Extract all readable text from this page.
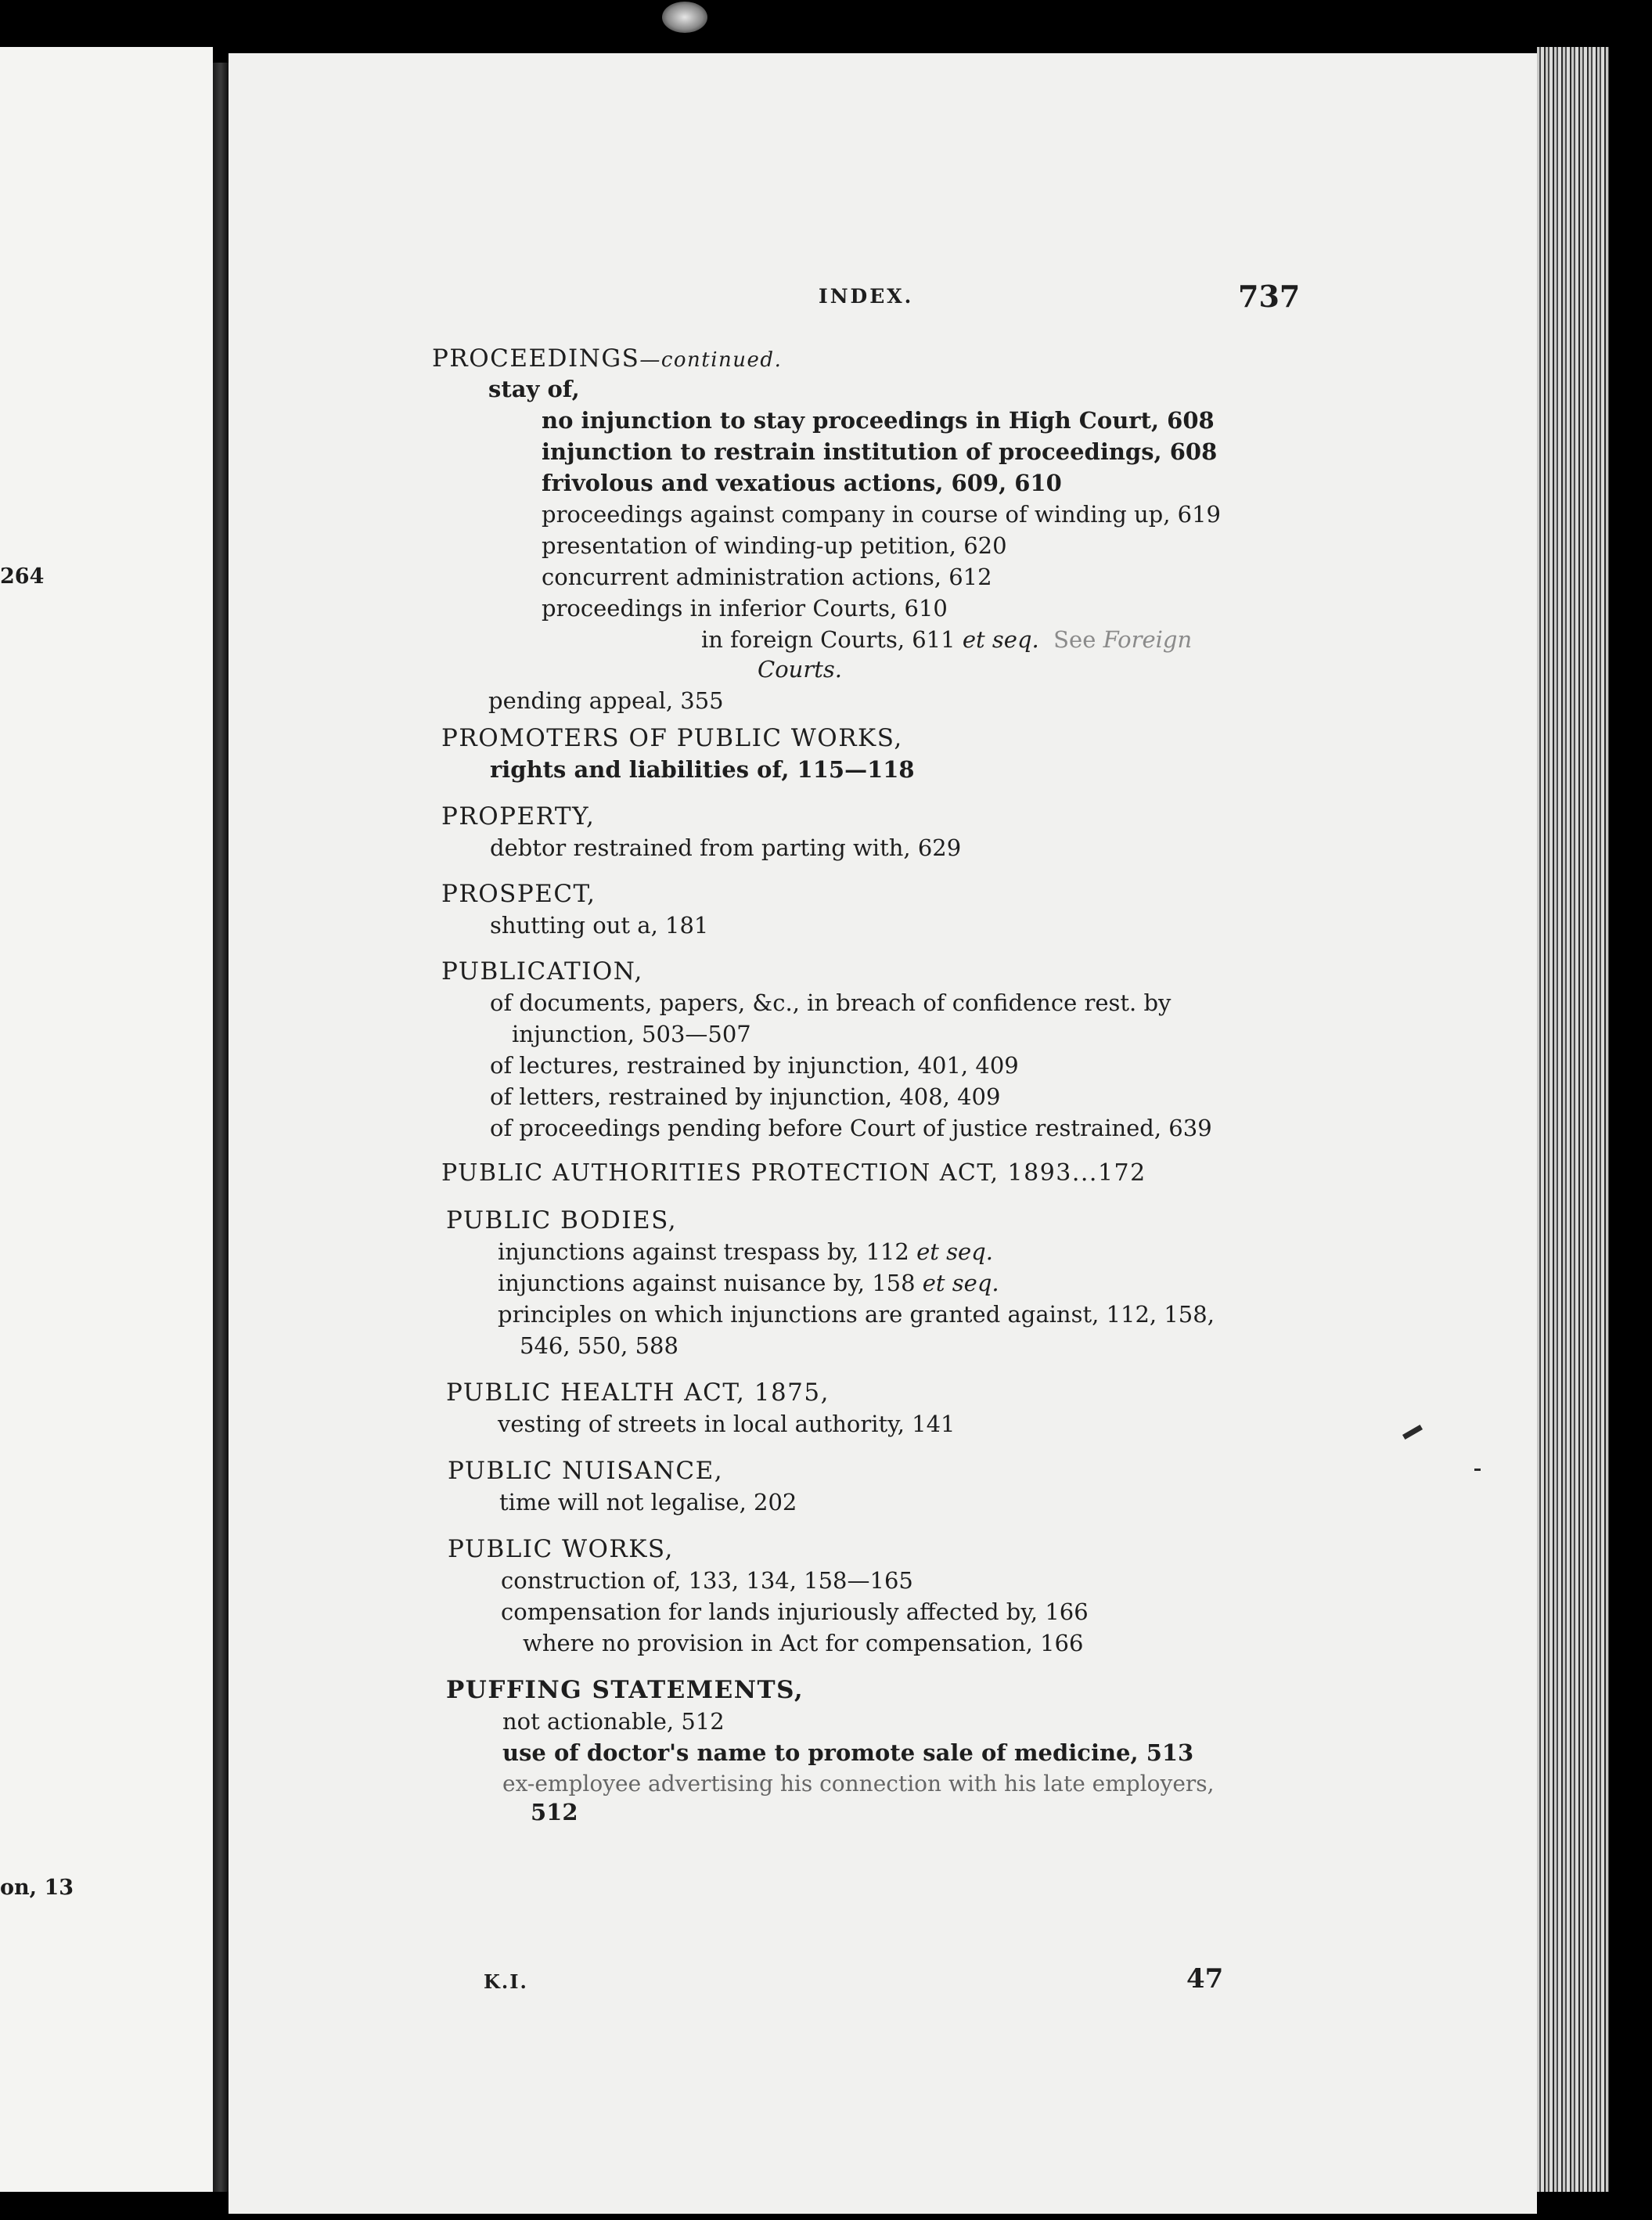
264
on, 13
INDEX.	737
PROCEEDINGS—continued.
stay of,
no injunction to stay proceedings in High Court, 608
injunction to restrain institution of proceedings, 608
frivolous and vexatious actions, 609, 610
proceedings against company in course of winding up, 619
presentation of winding-up petition, 620
concurrent administration actions, 612
proceedings in inferior Courts, 610
in foreign Courts, 611 et seq. See Foreign
Courts.
pending appeal, 355
PROMOTERS OF PUBLIC WORKS,
rights and liabilities of, 115—118
PROPERTY,
debtor restrained from parting with, 629
PROSPECT,
shutting out a, 181
PUBLICATION,
of documents, papers, &c., in breach of confidence rest. by
injunction, 503—507
of lectures, restrained by injunction, 401, 409
of letters, restrained by injunction, 408, 409
of proceedings pending before Court of justice restrained, 639
PUBLIC AUTHORITIES PROTECTION ACT, 1893...172
PUBLIC BODIES,
injunctions against trespass by, 112 et seq.
injunctions against nuisance by, 158 et seq.
principles on which injunctions are granted against, 112, 158,
546, 550, 588
PUBLIC HEALTH ACT, 1875,
vesting of streets in local authority, 141
PUBLIC NUISANCE,
time will not legalise, 202
PUBLIC WORKS,
construction of, 133, 134, 158—165
compensation for lands injuriously affected by, 166
where no provision in Act for compensation, 166
PUFFING STATEMENTS,
not actionable, 512
use of doctor's name to promote sale of medicine, 513
ex-employee advertising his connection with his late employers,
512
K.I.	47
